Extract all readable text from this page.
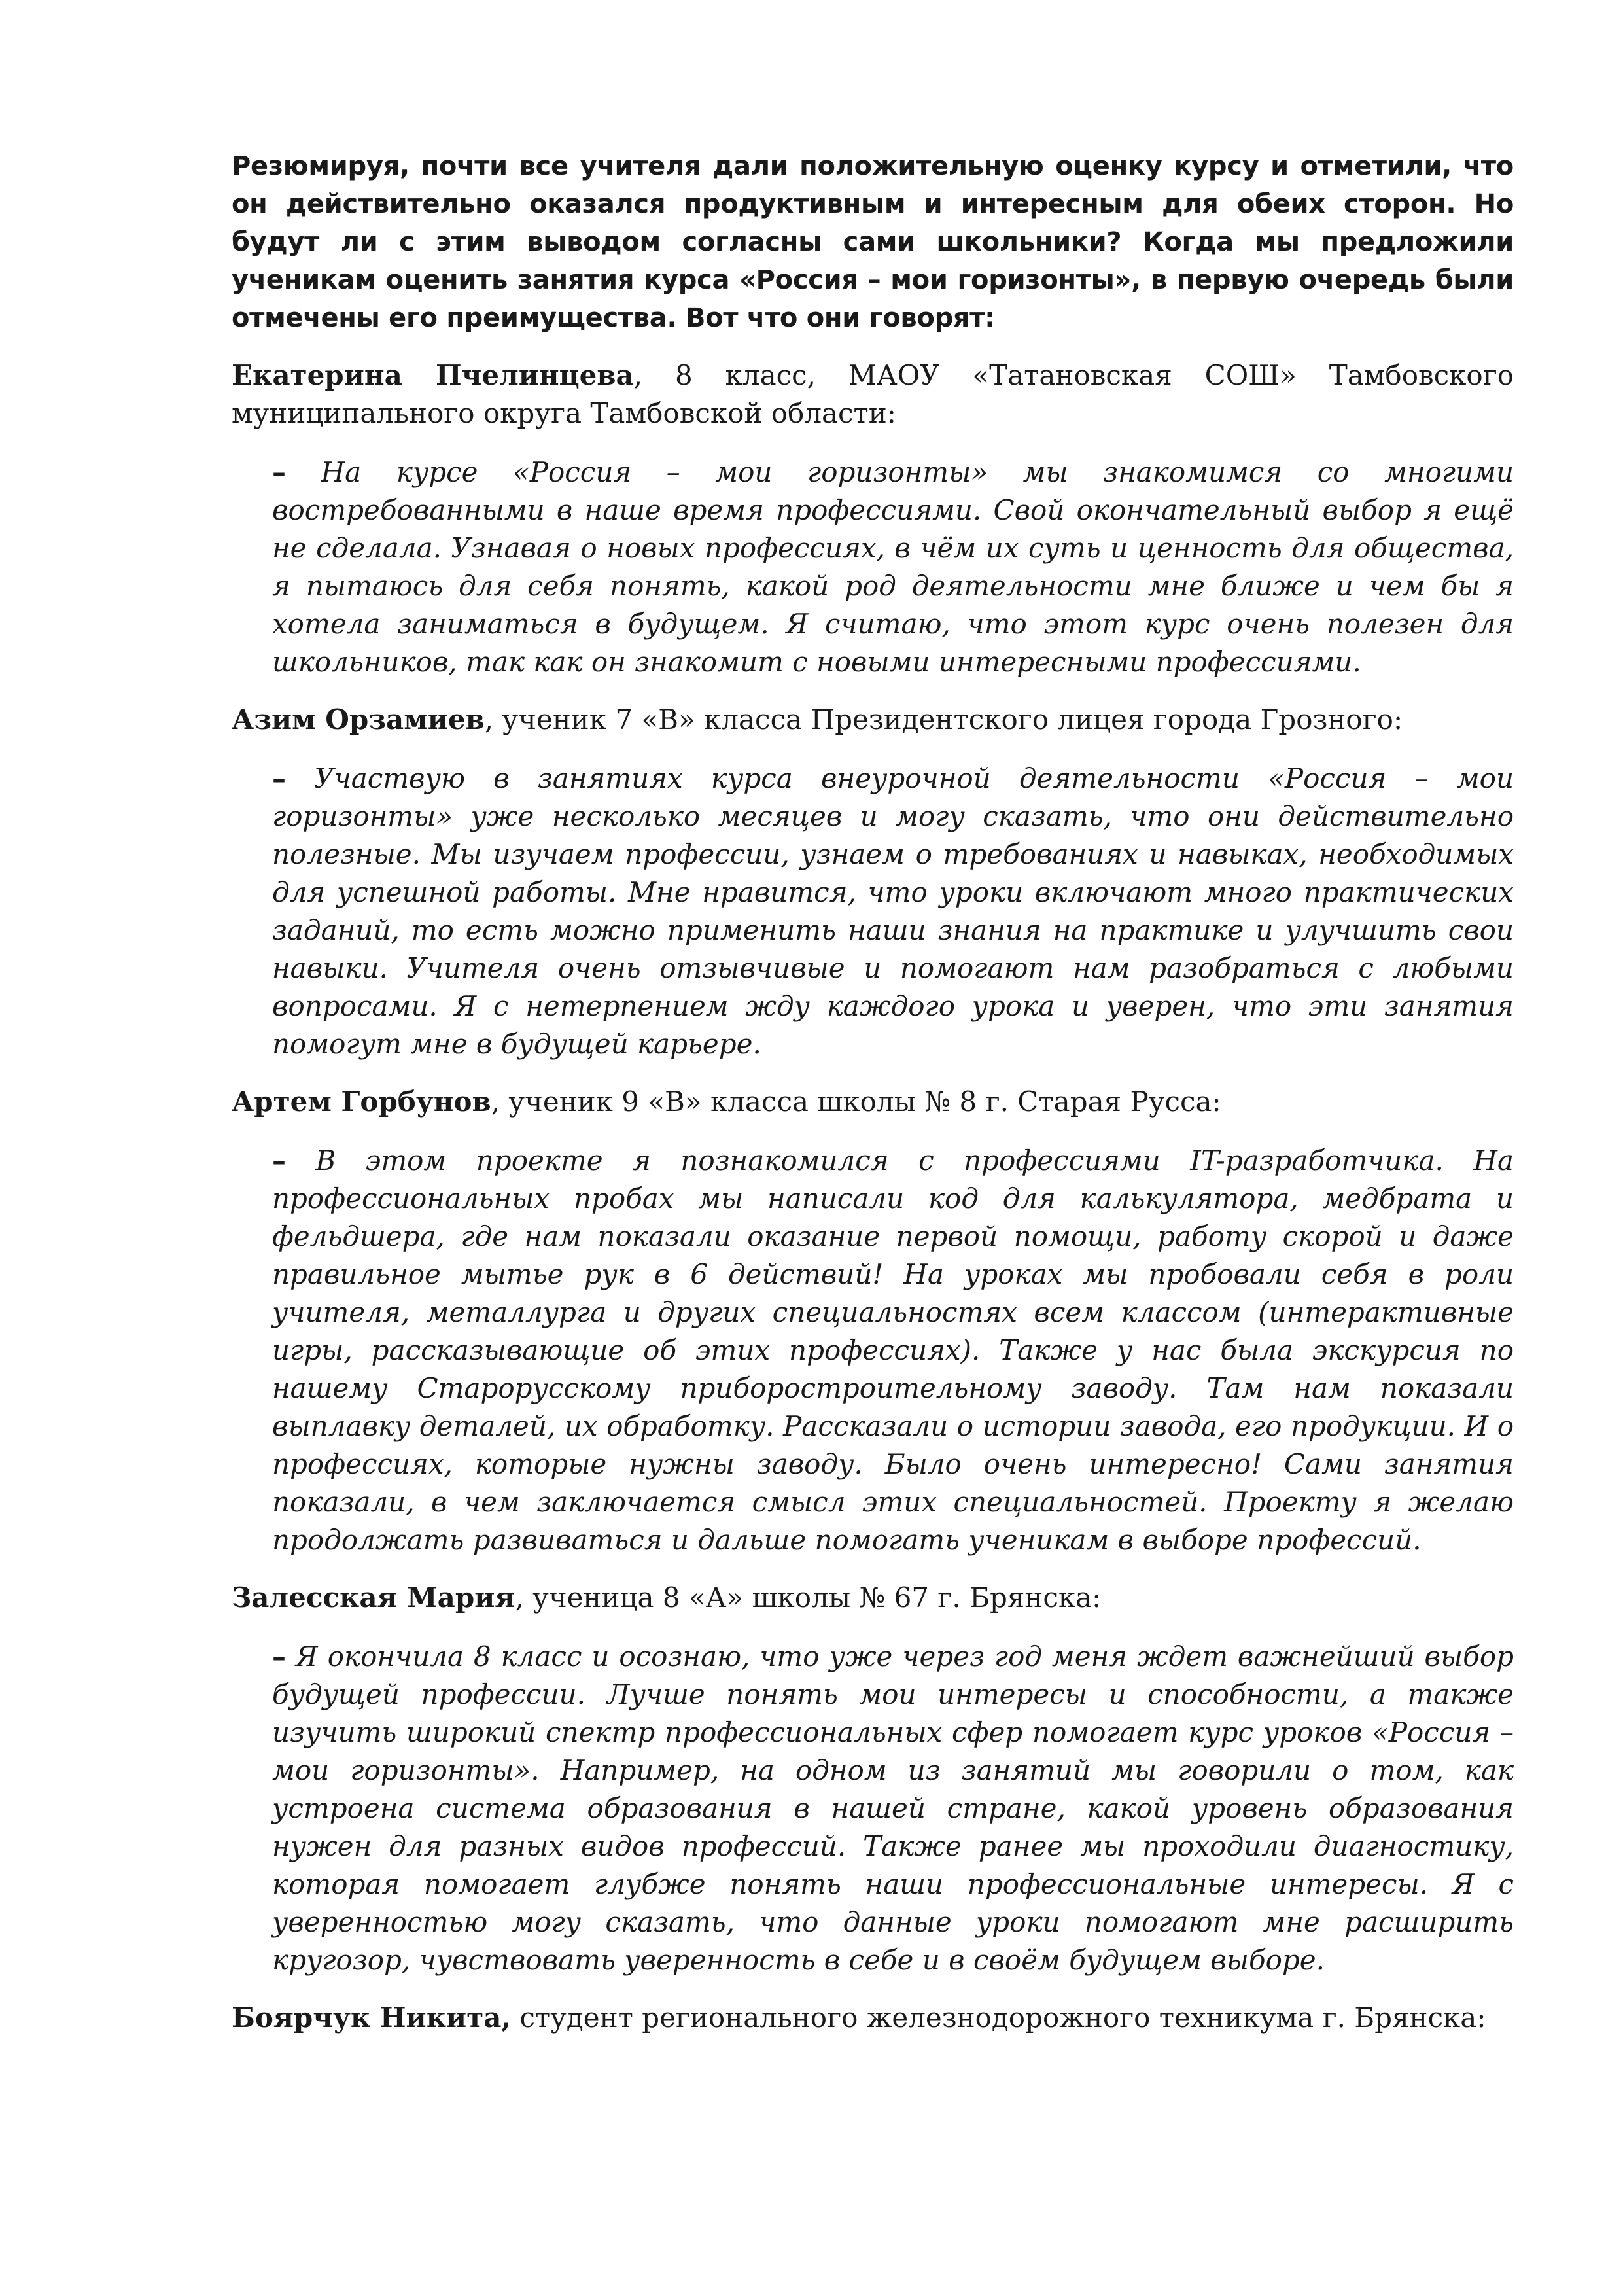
Резюмируя, почти все учителя дали положительную оценку курсу и отметили, что он действительно оказался продуктивным и интересным для обеих сторон. Но будут ли с этим выводом согласны сами школьники? Когда мы предложили ученикам оценить занятия курса «Россия – мои горизонты», в первую очередь были отмечены его преимущества. Вот что они говорят:

Екатерина Пчелинцева, 8 класс, МАОУ «Татановская СОШ» Тамбовского муниципального округа Тамбовской области:

– На курсе «Россия – мои горизонты» мы знакомимся со многими востребованными в наше время профессиями. Свой окончательный выбор я ещё не сделала. Узнавая о новых профессиях, в чём их суть и ценность для общества, я пытаюсь для себя понять, какой род деятельности мне ближе и чем бы я хотела заниматься в будущем. Я считаю, что этот курс очень полезен для школьников, так как он знакомит с новыми интересными профессиями.

Азим Орзамиев, ученик 7 «В» класса Президентского лицея города Грозного:

– Участвую в занятиях курса внеурочной деятельности «Россия – мои горизонты» уже несколько месяцев и могу сказать, что они действительно полезные. Мы изучаем профессии, узнаем о требованиях и навыках, необходимых для успешной работы. Мне нравится, что уроки включают много практических заданий, то есть можно применить наши знания на практике и улучшить свои навыки. Учителя очень отзывчивые и помогают нам разобраться с любыми вопросами. Я с нетерпением жду каждого урока и уверен, что эти занятия помогут мне в будущей карьере.

Артем Горбунов, ученик 9 «В» класса школы № 8 г. Старая Русса:

– В этом проекте я познакомился с профессиями IT-разработчика. На профессиональных пробах мы написали код для калькулятора, медбрата и фельдшера, где нам показали оказание первой помощи, работу скорой и даже правильное мытье рук в 6 действий! На уроках мы пробовали себя в роли учителя, металлурга и других специальностях всем классом (интерактивные игры, рассказывающие об этих профессиях). Также у нас была экскурсия по нашему Старорусскому приборостроительному заводу. Там нам показали выплавку деталей, их обработку. Рассказали о истории завода, его продукции. И о профессиях, которые нужны заводу. Было очень интересно! Сами занятия показали, в чем заключается смысл этих специальностей. Проекту я желаю продолжать развиваться и дальше помогать ученикам в выборе профессий.

Залесская Мария, ученица 8 «А» школы № 67 г. Брянска:

– Я окончила 8 класс и осознаю, что уже через год меня ждет важнейший выбор будущей профессии. Лучше понять мои интересы и способности, а также изучить широкий спектр профессиональных сфер помогает курс уроков «Россия – мои горизонты». Например, на одном из занятий мы говорили о том, как устроена система образования в нашей стране, какой уровень образования нужен для разных видов профессий. Также ранее мы проходили диагностику, которая помогает глубже понять наши профессиональные интересы. Я с уверенностью могу сказать, что данные уроки помогают мне расширить кругозор, чувствовать уверенность в себе и в своём будущем выборе.

Боярчук Никита, студент регионального железнодорожного техникума г. Брянска:
